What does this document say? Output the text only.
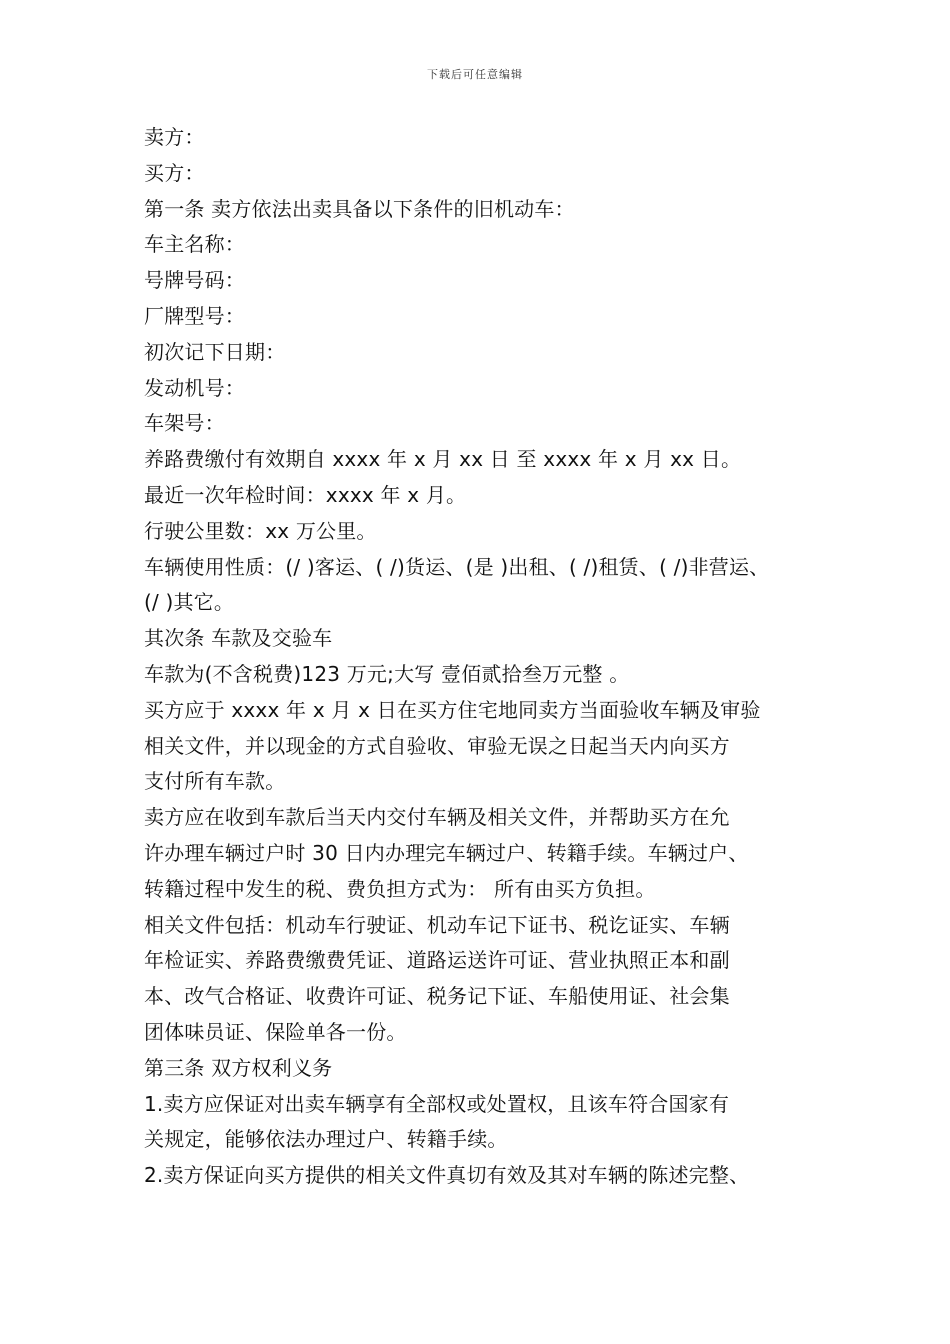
下载后可任意编辑
卖方：
买方：
第一条 卖方依法出卖具备以下条件的旧机动车：
车主名称：
号牌号码：
厂牌型号：
初次记下日期：
发动机号：
车架号：
养路费缴付有效期自 xxxx 年 x 月 xx 日 至 xxxx 年 x 月 xx 日。
最近一次年检时间：xxxx 年 x 月。
行驶公里数：xx 万公里。
车辆使用性质：(/ )客运、( /)货运、(是 )出租、( /)租赁、( /)非营运、
(/ )其它。
其次条 车款及交验车
车款为(不含税费)123 万元;大写 壹佰贰拾叁万元整 。
买方应于 xxxx 年 x 月 x 日在买方住宅地同卖方当面验收车辆及审验
相关文件，并以现金的方式自验收、审验无误之日起当天内向买方
支付所有车款。
卖方应在收到车款后当天内交付车辆及相关文件，并帮助买方在允
许办理车辆过户时 30 日内办理完车辆过户、转籍手续。车辆过户、
转籍过程中发生的税、费负担方式为： 所有由买方负担。
相关文件包括：机动车行驶证、机动车记下证书、税讫证实、车辆
年检证实、养路费缴费凭证、道路运送许可证、营业执照正本和副
本、改气合格证、收费许可证、税务记下证、车船使用证、社会集
团体味员证、保险单各一份。
第三条 双方权利义务
1.卖方应保证对出卖车辆享有全部权或处置权，且该车符合国家有
关规定，能够依法办理过户、转籍手续。
2.卖方保证向买方提供的相关文件真切有效及其对车辆的陈述完整、
